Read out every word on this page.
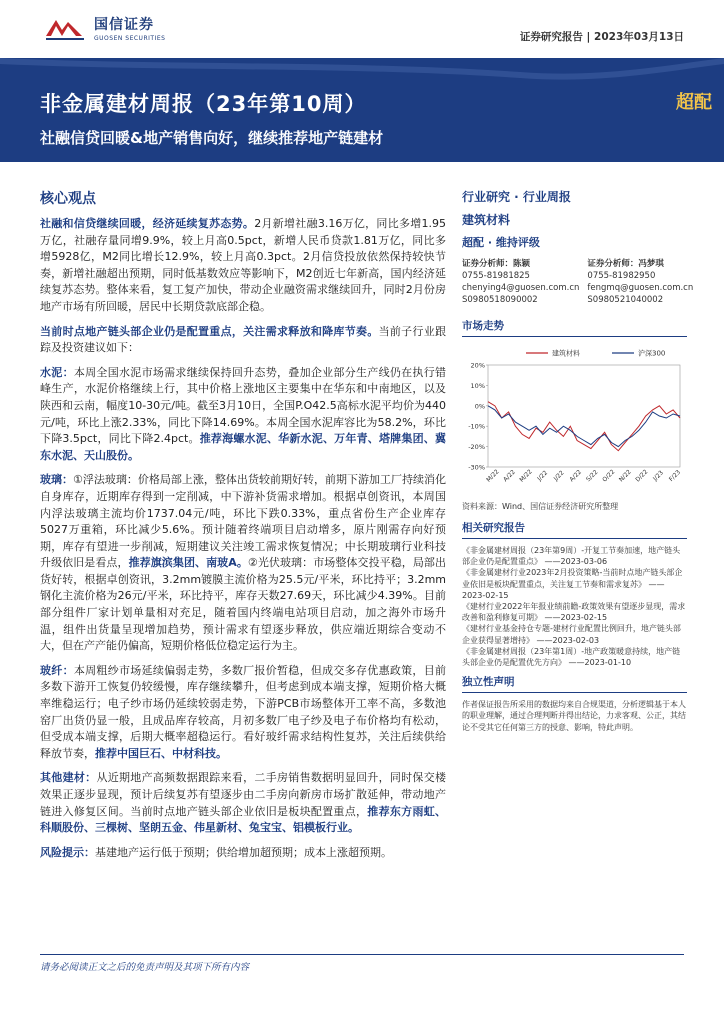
国信证券
GUOSEN SECURITIES	证券研究报告 | 2023年03月13日
非金属建材周报（23年第10周）
社融信贷回暖&地产销售向好，继续推荐地产链建材
超配
核心观点

社融和信贷继续回暖，经济延续复苏态势。2月新增社融3.16万亿，同比多增1.95万亿，社融存量同增9.9%，较上月高0.5pct，新增人民币贷款1.81万亿，同比多增5928亿，M2同比增长12.9%，较上月高0.3pct。2月信贷投放依然保持较快节奏，新增社融超出预期，同时低基数效应等影响下，M2创近七年新高，国内经济延续复苏态势。整体来看，复工复产加快，带动企业融资需求继续回升，同时2月份房地产市场有所回暖，居民中长期贷款底部企稳。

当前时点地产链头部企业仍是配置重点，关注需求释放和降库节奏。当前子行业跟踪及投资建议如下：

水泥：本周全国水泥市场需求继续保持回升态势，叠加企业部分生产线仍在执行错峰生产，水泥价格继续上行，其中价格上涨地区主要集中在华东和中南地区，以及陕西和云南，幅度10-30元/吨。截至3月10日，全国P.O42.5高标水泥平均价为440元/吨，环比上涨2.33%，同比下降14.69%。本周全国水泥库容比为58.2%，环比下降3.5pct，同比下降2.4pct。推荐海螺水泥、华新水泥、万年青、塔牌集团、冀东水泥、天山股份。

玻璃：①浮法玻璃：价格局部上涨，整体出货较前期好转，前期下游加工厂持续消化自身库存，近期库存得到一定削减，中下游补货需求增加。根据卓创资讯，本周国内浮法玻璃主流均价1737.04元/吨，环比下跌0.33%，重点省份生产企业库存5027万重箱，环比减少5.6%。预计随着终端项目启动增多，原片刚需存向好预期，库存有望进一步削减，短期建议关注竣工需求恢复情况；中长期玻璃行业科技升级依旧是看点，推荐旗滨集团、南玻A。②光伏玻璃：市场整体交投平稳，局部出货好转，根据卓创资讯，3.2mm镀膜主流价格为25.5元/平米，环比持平；3.2mm钢化主流价格为26元/平米，环比持平，库存天数27.69天，环比减少4.39%。目前部分组件厂家计划单量相对充足，随着国内终端电站项目启动，加之海外市场升温，组件出货量呈现增加趋势，预计需求有望逐步释放，供应端近期综合变动不大，但在产产能仍偏高，短期价格低位稳定运行为主。

玻纤：本周粗纱市场延续偏弱走势，多数厂报价暂稳，但成交多存优惠政策，目前多数下游开工恢复仍较缓慢，库存继续攀升，但考虑到成本端支撑，短期价格大概率维稳运行；电子纱市场仍延续较弱走势，下游PCB市场整体开工率不高，多数池窑厂出货仍显一般，且成品库存较高，月初多数厂电子纱及电子布价格均有松动，但受成本端支撑，后期大概率超稳运行。看好玻纤需求结构性复苏，关注后续供给释放节奏，推荐中国巨石、中材科技。

其他建材：从近期地产高频数据跟踪来看，二手房销售数据明显回升，同时保交楼效果正逐步显现，预计后续复苏有望逐步由二手房向新房市场扩散延伸，带动地产链进入修复区间。当前时点地产链头部企业依旧是板块配置重点，推荐东方雨虹、科顺股份、三棵树、坚朗五金、伟星新材、兔宝宝、铝模板行业。

风险提示：基建地产运行低于预期；供给增加超预期；成本上涨超预期。

行业研究 · 行业周报
建筑材料
超配 · 维持评级
证券分析师：陈颖
0755-81981825
chenying4@guosen.com.cn
S0980518090002
证券分析师：冯梦琪
0755-81982950
fengmq@guosen.com.cn
S0980521040002
市场走势
20%
10%
0%
-10%
-20%
-30%
M/22 A/22 M/22 J/22 J/22 A/22 S/22 O/22 N/22 D/22 J/23 F/23
建筑材料	沪深300
资料来源：Wind、国信证券经济研究所整理
相关研究报告
《非金属建材周报（23年第9周）-开复工节奏加速，地产链头部企业仍是配置重点》 ——2023-03-06
《非金属建材行业2023年2月投资策略-当前时点地产链头部企业依旧是板块配置重点，关注复工节奏和需求复苏》 ——2023-02-15
《建材行业2022年年报业绩前瞻-政策效果有望逐步显现，需求改善和盈利修复可期》 ——2023-02-15
《建材行业基金持仓专题-建材行业配置比例回升，地产链头部企业获得显著增持》 ——2023-02-03
《非金属建材周报（23年第1周）-地产政策暖意持续，地产链头部企业仍是配置优先方向》 ——2023-01-10
独立性声明
作者保证报告所采用的数据均来自合规渠道，分析逻辑基于本人的职业理解，通过合理判断并得出结论，力求客观、公正，其结论不受其它任何第三方的授意、影响，特此声明。
请务必阅读正文之后的免责声明及其项下所有内容
